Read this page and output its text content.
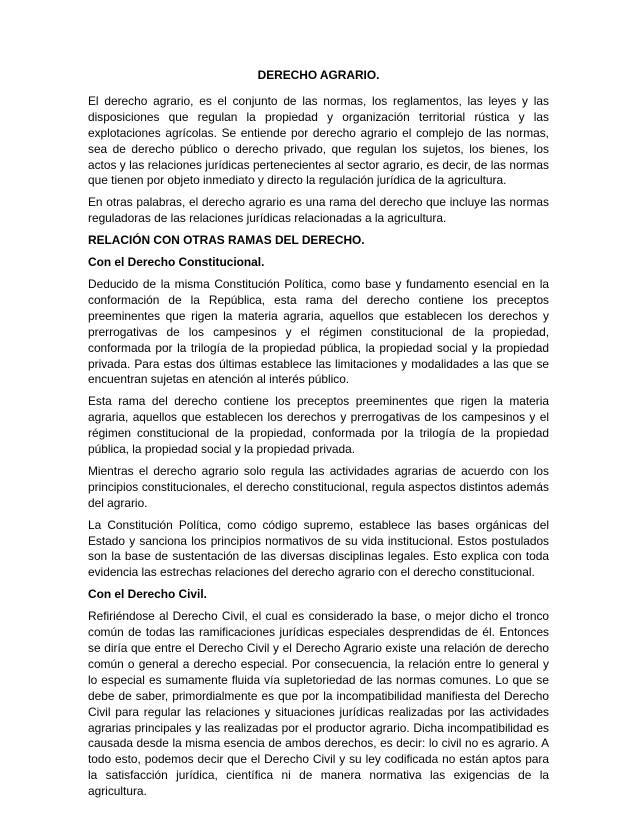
DERECHO AGRARIO.
El derecho agrario, es el conjunto de las normas, los reglamentos, las leyes y las disposiciones que regulan la propiedad y organización territorial rústica y las explotaciones agrícolas. Se entiende por derecho agrario el complejo de las normas, sea de derecho público o derecho privado, que regulan los sujetos, los bienes, los actos y las relaciones jurídicas pertenecientes al sector agrario, es decir, de las normas que tienen por objeto inmediato y directo la regulación jurídica de la agricultura.
En otras palabras, el derecho agrario es una rama del derecho que incluye las normas reguladoras de las relaciones jurídicas relacionadas a la agricultura.
RELACIÓN CON OTRAS RAMAS DEL DERECHO.
Con el Derecho Constitucional.
Deducido de la misma Constitución Política, como base y fundamento esencial en la conformación de la República, esta rama del derecho contiene los preceptos preeminentes que rigen la materia agraria, aquellos que establecen los derechos y prerrogativas de los campesinos y el régimen constitucional de la propiedad, conformada por la trilogía de la propiedad pública, la propiedad social y la propiedad privada. Para estas dos últimas establece las limitaciones y modalidades a las que se encuentran sujetas en atención al interés público.
Esta rama del derecho contiene los preceptos preeminentes que rigen la materia agraria, aquellos que establecen los derechos y prerrogativas de los campesinos y el régimen constitucional de la propiedad, conformada por la trilogía de la propiedad pública, la propiedad social y la propiedad privada.
Mientras el derecho agrario solo regula las actividades agrarias de acuerdo con los principios constitucionales, el derecho constitucional, regula aspectos distintos además del agrario.
La Constitución Política, como código supremo, establece las bases orgánicas del Estado y sanciona los principios normativos de su vida institucional. Estos postulados son la base de sustentación de las diversas disciplinas legales. Esto explica con toda evidencia las estrechas relaciones del derecho agrario con el derecho constitucional.
Con el Derecho Civil.
Refiriéndose al Derecho Civil, el cual es considerado la base, o mejor dicho el tronco común de todas las ramificaciones jurídicas especiales desprendidas de él. Entonces se diría que entre el Derecho Civil y el Derecho Agrario existe una relación de derecho común o general a derecho especial. Por consecuencia, la relación entre lo general y lo especial es sumamente fluida vía supletoriedad de las normas comunes. Lo que se debe de saber, primordialmente es que por la incompatibilidad manifiesta del Derecho Civil para regular las relaciones y situaciones jurídicas realizadas por las actividades agrarias principales y las realizadas por el productor agrario. Dicha incompatibilidad es causada desde la misma esencia de ambos derechos, es decir: lo civil no es agrario. A todo esto, podemos decir que el Derecho Civil y su ley codificada no están aptos para la satisfacción jurídica, científica ni de manera normativa las exigencias de la agricultura.
